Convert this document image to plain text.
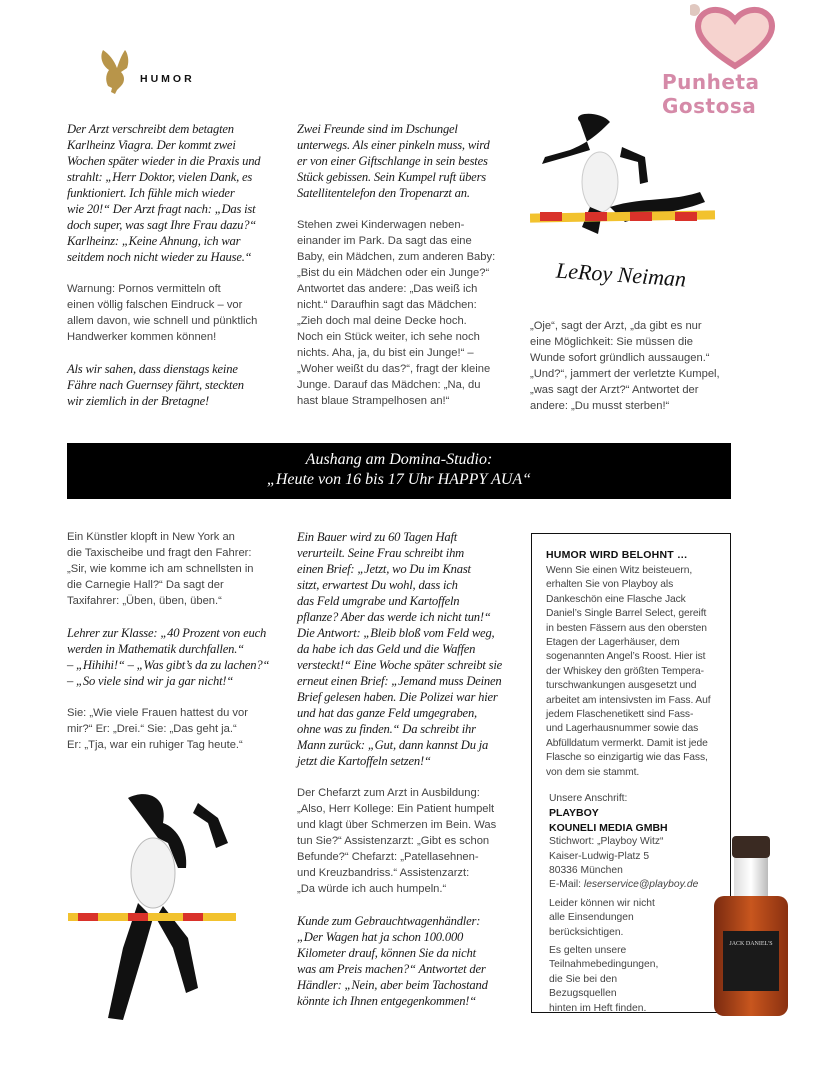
HUMOR	Punheta Gostosa
Der Arzt verschreibt dem betagten
Karlheinz Viagra. Der kommt zwei
Wochen später wieder in die Praxis und
strahlt: „Herr Doktor, vielen Dank, es
funktioniert. Ich fühle mich wieder
wie 20!“ Der Arzt fragt nach: „Das ist
doch super, was sagt Ihre Frau dazu?“
Karlheinz: „Keine Ahnung, ich war
seitdem noch nicht wieder zu Hause.“
Warnung: Pornos vermitteln oft
einen völlig falschen Eindruck – vor
allem davon, wie schnell und pünktlich
Handwerker kommen können!
Als wir sahen, dass dienstags keine
Fähre nach Guernsey fährt, steckten
wir ziemlich in der Bretagne!
Zwei Freunde sind im Dschungel
unterwegs. Als einer pinkeln muss, wird
er von einer Giftschlange in sein bestes
Stück gebissen. Sein Kumpel ruft übers
Satellitentelefon den Tropenarzt an.
Stehen zwei Kinderwagen neben-
einander im Park. Da sagt das eine
Baby, ein Mädchen, zum anderen Baby:
„Bist du ein Mädchen oder ein Junge?“
Antwortet das andere: „Das weiß ich
nicht.“ Daraufhin sagt das Mädchen:
„Zieh doch mal deine Decke hoch.
Noch ein Stück weiter, ich sehe noch
nichts. Aha, ja, du bist ein Junge!“ –
„Woher weißt du das?“, fragt der kleine
Junge. Darauf das Mädchen: „Na, du
hast blaue Strampelhosen an!“
LeRoy Neiman
„Oje“, sagt der Arzt, „da gibt es nur
eine Möglichkeit: Sie müssen die
Wunde sofort gründlich aussaugen.“
„Und?“, jammert der verletzte Kumpel,
„was sagt der Arzt?“ Antwortet der
andere: „Du musst sterben!“
Aushang am Domina-Studio:
„Heute von 16 bis 17 Uhr HAPPY AUA“
Ein Künstler klopft in New York an
die Taxischeibe und fragt den Fahrer:
„Sir, wie komme ich am schnellsten in
die Carnegie Hall?“ Da sagt der
Taxifahrer: „Üben, üben, üben.“
Lehrer zur Klasse: „40 Prozent von euch
werden in Mathematik durchfallen.“
– „Hihihi!“ – „Was gibt’s da zu lachen?“
– „So viele sind wir ja gar nicht!“
Sie: „Wie viele Frauen hattest du vor
mir?“ Er: „Drei.“ Sie: „Das geht ja.“
Er: „Tja, war ein ruhiger Tag heute.“
Ein Bauer wird zu 60 Tagen Haft
verurteilt. Seine Frau schreibt ihm
einen Brief: „Jetzt, wo Du im Knast
sitzt, erwartest Du wohl, dass ich
das Feld umgrabe und Kartoffeln
pflanze? Aber das werde ich nicht tun!“
Die Antwort: „Bleib bloß vom Feld weg,
da habe ich das Geld und die Waffen
versteckt!“ Eine Woche später schreibt sie
erneut einen Brief: „Jemand muss Deinen
Brief gelesen haben. Die Polizei war hier
und hat das ganze Feld umgegraben,
ohne was zu finden.“ Da schreibt ihr
Mann zurück: „Gut, dann kannst Du ja
jetzt die Kartoffeln setzen!“
Der Chefarzt zum Arzt in Ausbildung:
„Also, Herr Kollege: Ein Patient humpelt
und klagt über Schmerzen im Bein. Was
tun Sie?“ Assistenzarzt: „Gibt es schon
Befunde?“ Chefarzt: „Patellasehnen-
und Kreuzbandriss.“ Assistenzarzt:
„Da würde ich auch humpeln.“
Kunde zum Gebrauchtwagenhändler:
„Der Wagen hat ja schon 100.000
Kilometer drauf, können Sie da nicht
was am Preis machen?“ Antwortet der
Händler: „Nein, aber beim Tachostand
könnte ich Ihnen entgegenkommen!“
HUMOR WIRD BELOHNT …
Wenn Sie einen Witz beisteuern,
erhalten Sie von Playboy als
Dankeschön eine Flasche Jack
Daniel’s Single Barrel Select, gereift
in besten Fässern aus den obersten
Etagen der Lagerhäuser, dem
sogenannten Angel’s Roost. Hier ist
der Whiskey den größten Tempera-
turschwankungen ausgesetzt und
arbeitet am intensivsten im Fass. Auf
jedem Flaschenetikett sind Fass-
und Lagerhausnummer sowie das
Abfülldatum vermerkt. Damit ist jede
Flasche so einzigartig wie das Fass,
von dem sie stammt.
Unsere Anschrift:
PLAYBOY
KOUNELI MEDIA GMBH
Stichwort: „Playboy Witz“
Kaiser-Ludwig-Platz 5
80336 München
E-Mail: leserservice@playboy.de
Leider können wir nicht
alle Einsendungen
berücksichtigen.
Es gelten unsere
Teilnahmebedingungen,
die Sie bei den
Bezugsquellen
hinten im Heft finden.
JACK DANIEL'S
